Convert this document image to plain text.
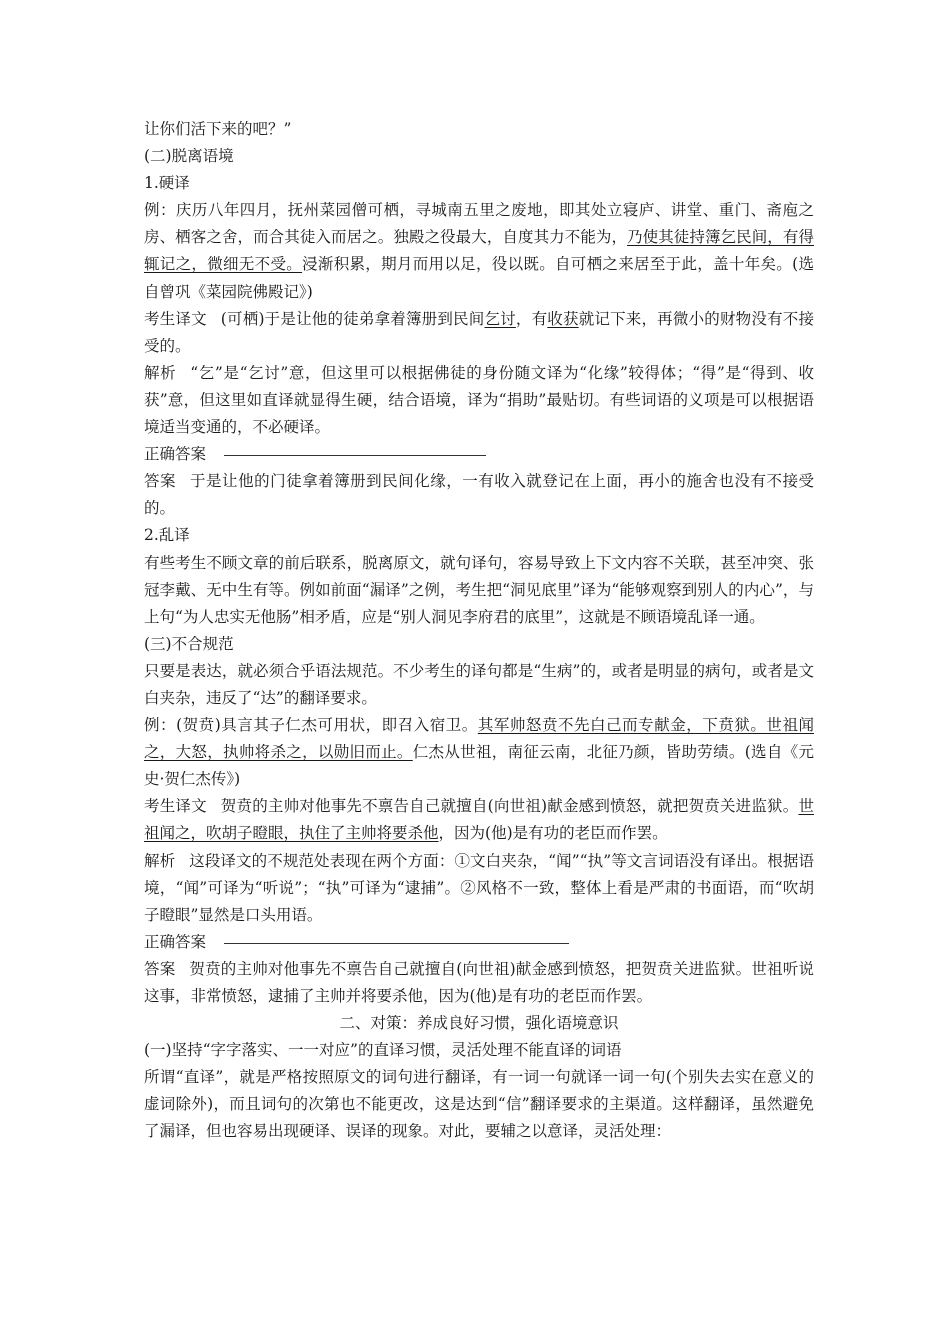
让你们活下来的吧？”

(二)脱离语境

1.硬译

例：庆历八年四月，抚州菜园僧可栖，寻城南五里之废地，即其处立寝庐、讲堂、重门、斋庖之房、栖客之舍，而合其徒入而居之。独殿之役最大，自度其力不能为，乃使其徒持簿乞民间，有得辄记之，微细无不受。浸渐积累，期月而用以足，役以既。自可栖之来居至于此，盖十年矣。(选自曾巩《菜园院佛殿记》)

考生译文 (可栖)于是让他的徒弟拿着簿册到民间乞讨，有收获就记下来，再微小的财物没有不接受的。

解析 “乞”是“乞讨”意，但这里可以根据佛徒的身份随文译为“化缘”较得体；“得”是“得到、收获”意，但这里如直译就显得生硬，结合语境，译为“捐助”最贴切。有些词语的义项是可以根据语境适当变通的，不必硬译。

正确答案

答案 于是让他的门徒拿着簿册到民间化缘，一有收入就登记在上面，再小的施舍也没有不接受的。

2.乱译

有些考生不顾文章的前后联系，脱离原文，就句译句，容易导致上下文内容不关联，甚至冲突、张冠李戴、无中生有等。例如前面“漏译”之例，考生把“洞见底里”译为“能够观察到别人的内心”，与上句“为人忠实无他肠”相矛盾，应是“别人洞见李府君的底里”，这就是不顾语境乱译一通。

(三)不合规范

只要是表达，就必须合乎语法规范。不少考生的译句都是“生病”的，或者是明显的病句，或者是文白夹杂，违反了“达”的翻译要求。

例：(贺贲)具言其子仁杰可用状，即召入宿卫。其军帅怒贲不先白己而专献金，下贲狱。世祖闻之，大怒，执帅将杀之，以勋旧而止。仁杰从世祖，南征云南，北征乃颜，皆助劳绩。(选自《元史·贺仁杰传》)

考生译文 贺贲的主帅对他事先不禀告自己就擅自(向世祖)献金感到愤怒，就把贺贲关进监狱。世祖闻之，吹胡子瞪眼，执住了主帅将要杀他，因为(他)是有功的老臣而作罢。

解析 这段译文的不规范处表现在两个方面：①文白夹杂，“闻”“执”等文言词语没有译出。根据语境，“闻”可译为“听说”；“执”可译为“逮捕”。②风格不一致，整体上看是严肃的书面语，而“吹胡子瞪眼”显然是口头用语。

正确答案

答案 贺贲的主帅对他事先不禀告自己就擅自(向世祖)献金感到愤怒，把贺贲关进监狱。世祖听说这事，非常愤怒，逮捕了主帅并将要杀他，因为(他)是有功的老臣而作罢。

二、对策：养成良好习惯，强化语境意识

(一)坚持“字字落实、一一对应”的直译习惯，灵活处理不能直译的词语

所谓“直译”，就是严格按照原文的词句进行翻译，有一词一句就译一词一句(个别失去实在意义的虚词除外)，而且词句的次第也不能更改，这是达到“信”翻译要求的主渠道。这样翻译，虽然避免了漏译，但也容易出现硬译、误译的现象。对此，要辅之以意译，灵活处理：
